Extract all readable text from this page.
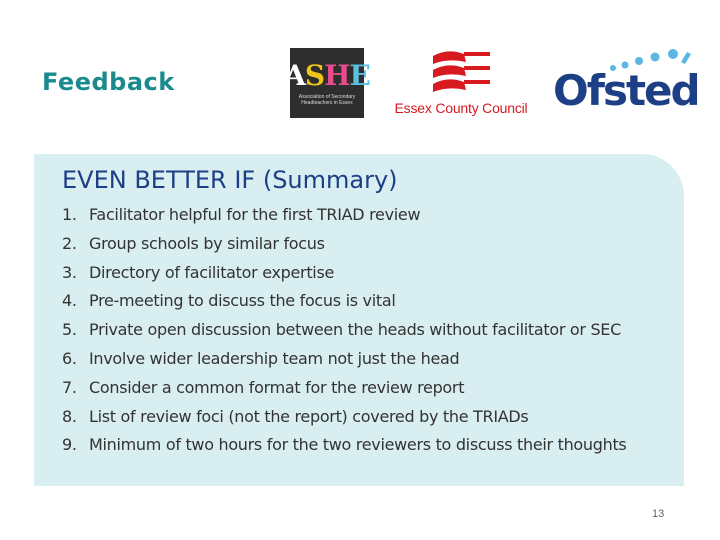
Feedback	ASHE
Association of Secondary Headteachers in Essex	Essex County Council Ofsted
EVEN BETTER IF (Summary)
1. Facilitator helpful for the first TRIAD review
2. Group schools by similar focus
3. Directory of facilitator expertise
4. Pre-meeting to discuss the focus is vital
5. Private open discussion between the heads without facilitator or SEC
6. Involve wider leadership team not just the head
7. Consider a common format for the review report
8. List of review foci (not the report) covered by the TRIADs
9. Minimum of two hours for the two reviewers to discuss their thoughts
13
